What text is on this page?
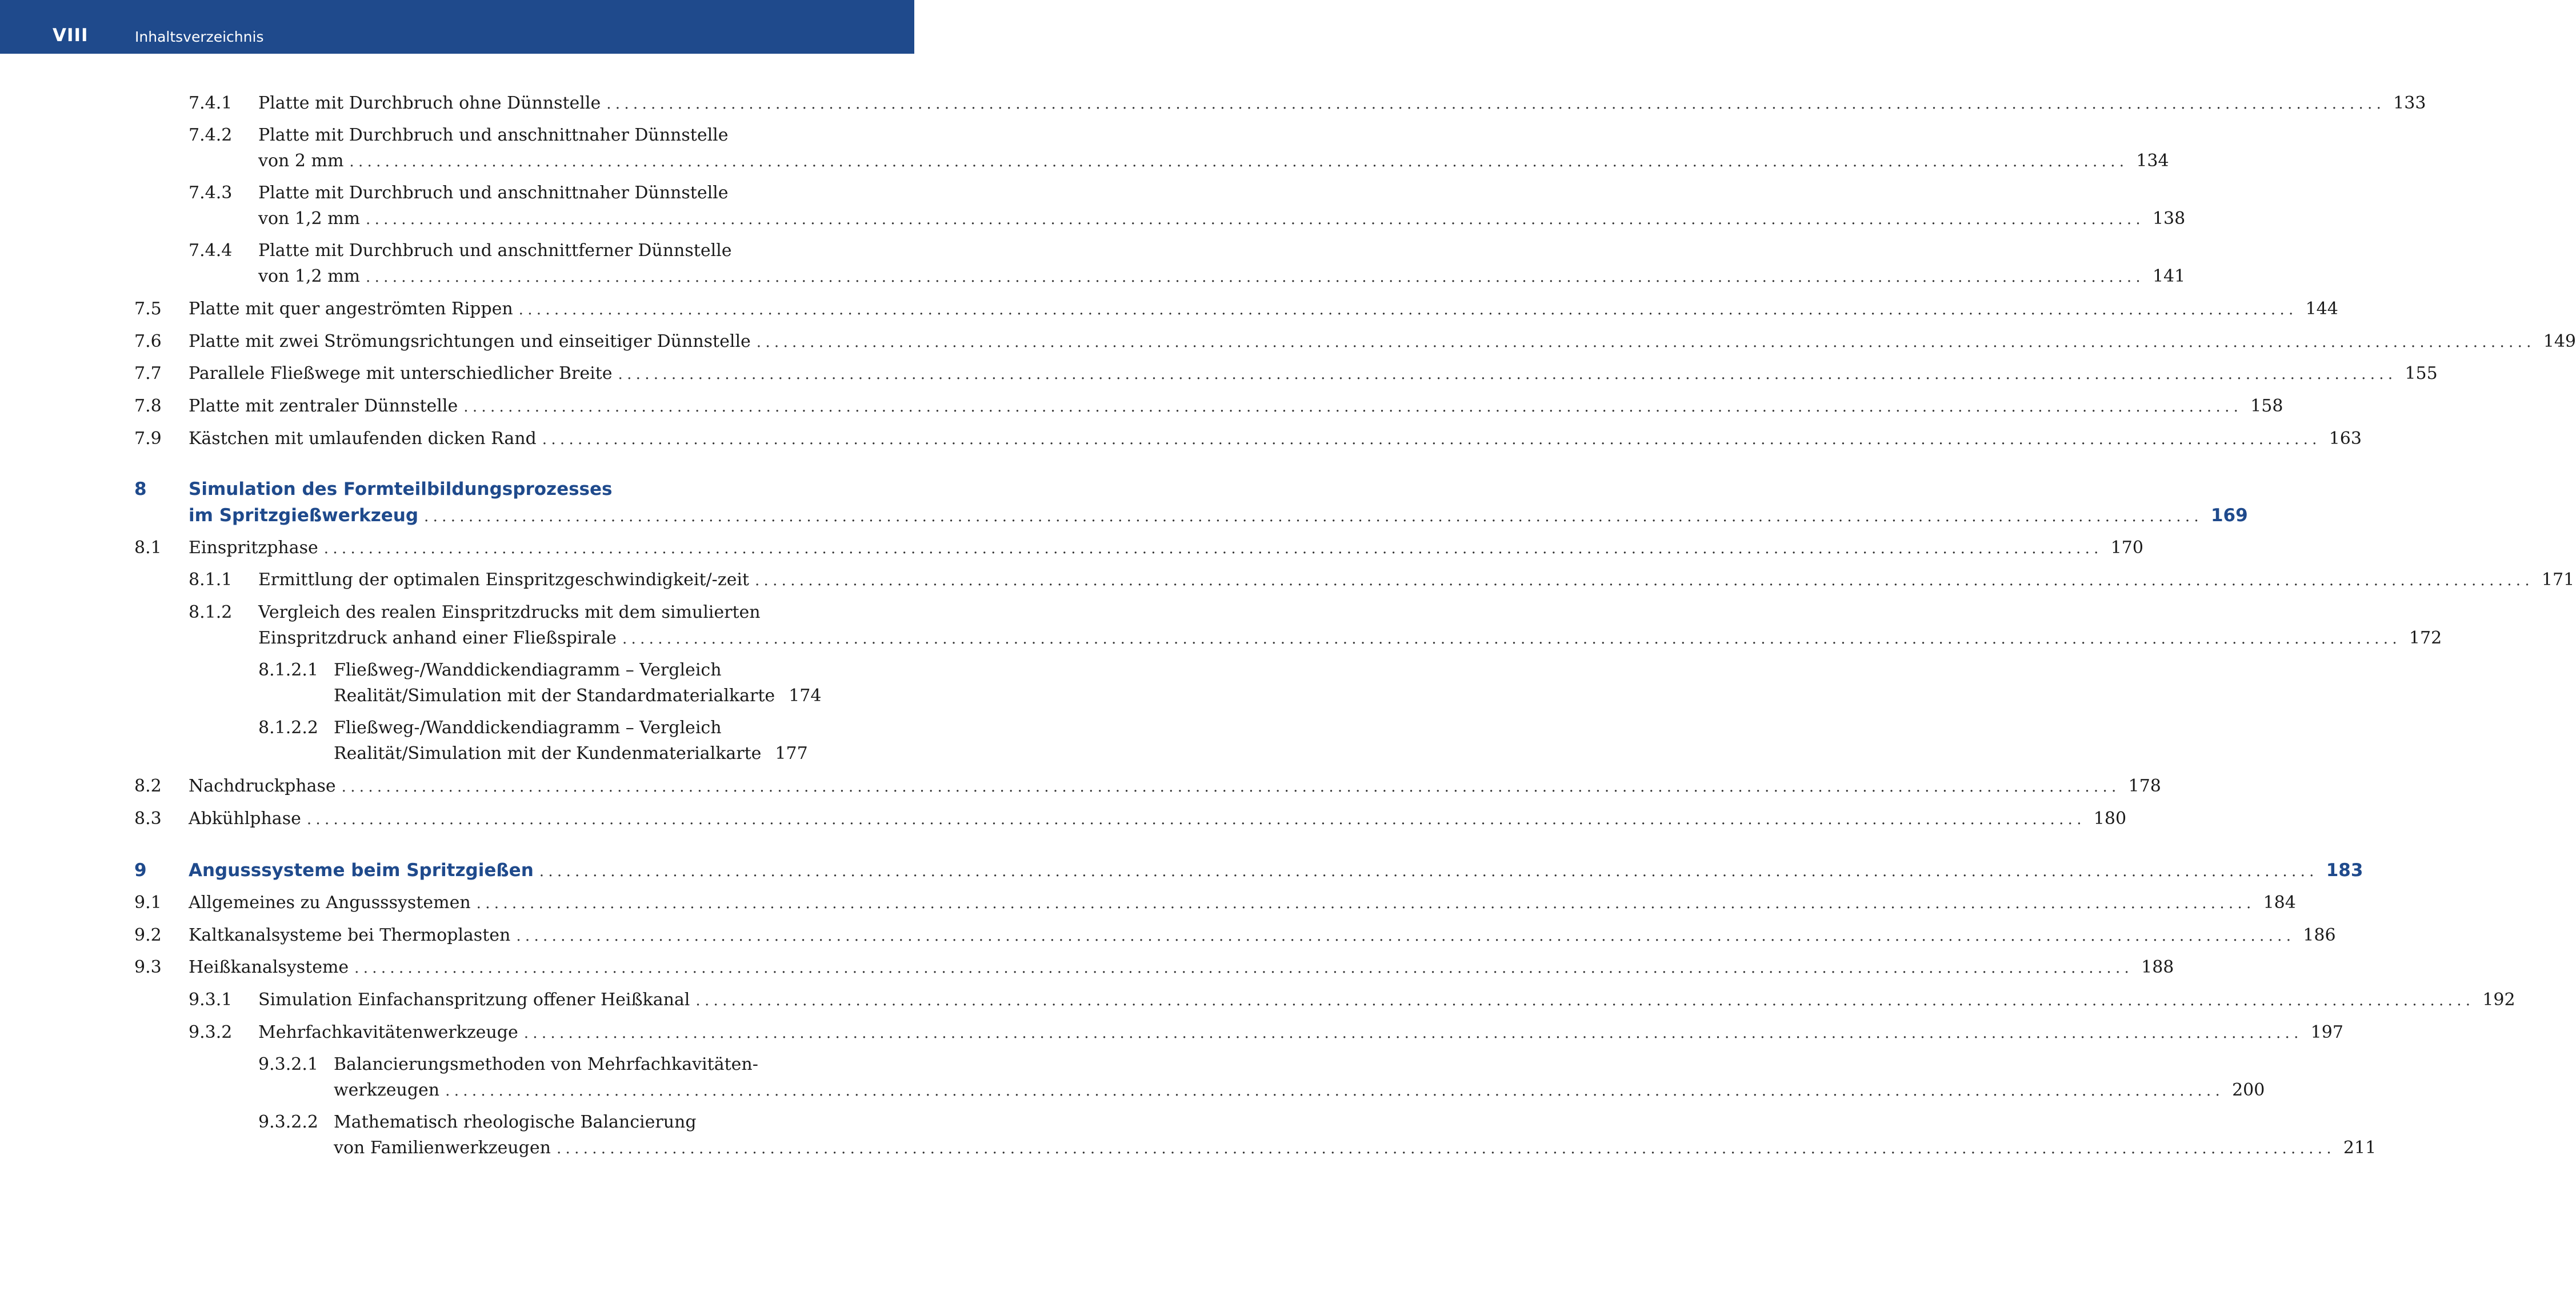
VIII	Inhaltsverzeichnis
7.4.1 Platte mit Durchbruch ohne Dünnstelle ........................................................................................................................................................................................................ 133
7.4.2 Platte mit Durchbruch und anschnittnaher Dünnstelle
von 2 mm ........................................................................................................................................................................................................ 134
7.4.3 Platte mit Durchbruch und anschnittnaher Dünnstelle
von 1,2 mm ........................................................................................................................................................................................................ 138
7.4.4 Platte mit Durchbruch und anschnittferner Dünnstelle
von 1,2 mm ........................................................................................................................................................................................................ 141
7.5 Platte mit quer angeströmten Rippen ........................................................................................................................................................................................................ 144
7.6 Platte mit zwei Strömungsrichtungen und einseitiger Dünnstelle ........................................................................................................................................................................................................ 149
7.7 Parallele Fließwege mit unterschiedlicher Breite ........................................................................................................................................................................................................ 155
7.8 Platte mit zentraler Dünnstelle ........................................................................................................................................................................................................ 158
7.9 Kästchen mit umlaufenden dicken Rand ........................................................................................................................................................................................................ 163
8 Simulation des Formteilbildungsprozesses
im Spritzgießwerkzeug ........................................................................................................................................................................................................ 169
8.1 Einspritzphase ........................................................................................................................................................................................................ 170
8.1.1 Ermittlung der optimalen Einspritzgeschwindigkeit/-zeit ........................................................................................................................................................................................................ 171
8.1.2 Vergleich des realen Einspritzdrucks mit dem simulierten
Einspritzdruck anhand einer Fließspirale ........................................................................................................................................................................................................ 172
8.1.2.1 Fließweg-/Wanddickendiagramm – Vergleich
Realität/Simulation mit der Standardmaterialkarte 174
8.1.2.2 Fließweg-/Wanddickendiagramm – Vergleich
Realität/Simulation mit der Kundenmaterialkarte 177
8.2 Nachdruckphase ........................................................................................................................................................................................................ 178
8.3 Abkühlphase ........................................................................................................................................................................................................ 180
9 Angusssysteme beim Spritzgießen ........................................................................................................................................................................................................ 183
9.1 Allgemeines zu Angusssystemen ........................................................................................................................................................................................................ 184
9.2 Kaltkanalsysteme bei Thermoplasten ........................................................................................................................................................................................................ 186
9.3 Heißkanalsysteme ........................................................................................................................................................................................................ 188
9.3.1 Simulation Einfachanspritzung offener Heißkanal ........................................................................................................................................................................................................ 192
9.3.2 Mehrfachkavitätenwerkzeuge ........................................................................................................................................................................................................ 197
9.3.2.1 Balancierungsmethoden von Mehrfachkavitäten-
werkzeugen ........................................................................................................................................................................................................ 200
9.3.2.2 Mathematisch rheologische Balancierung
von Familienwerkzeugen ........................................................................................................................................................................................................ 211
